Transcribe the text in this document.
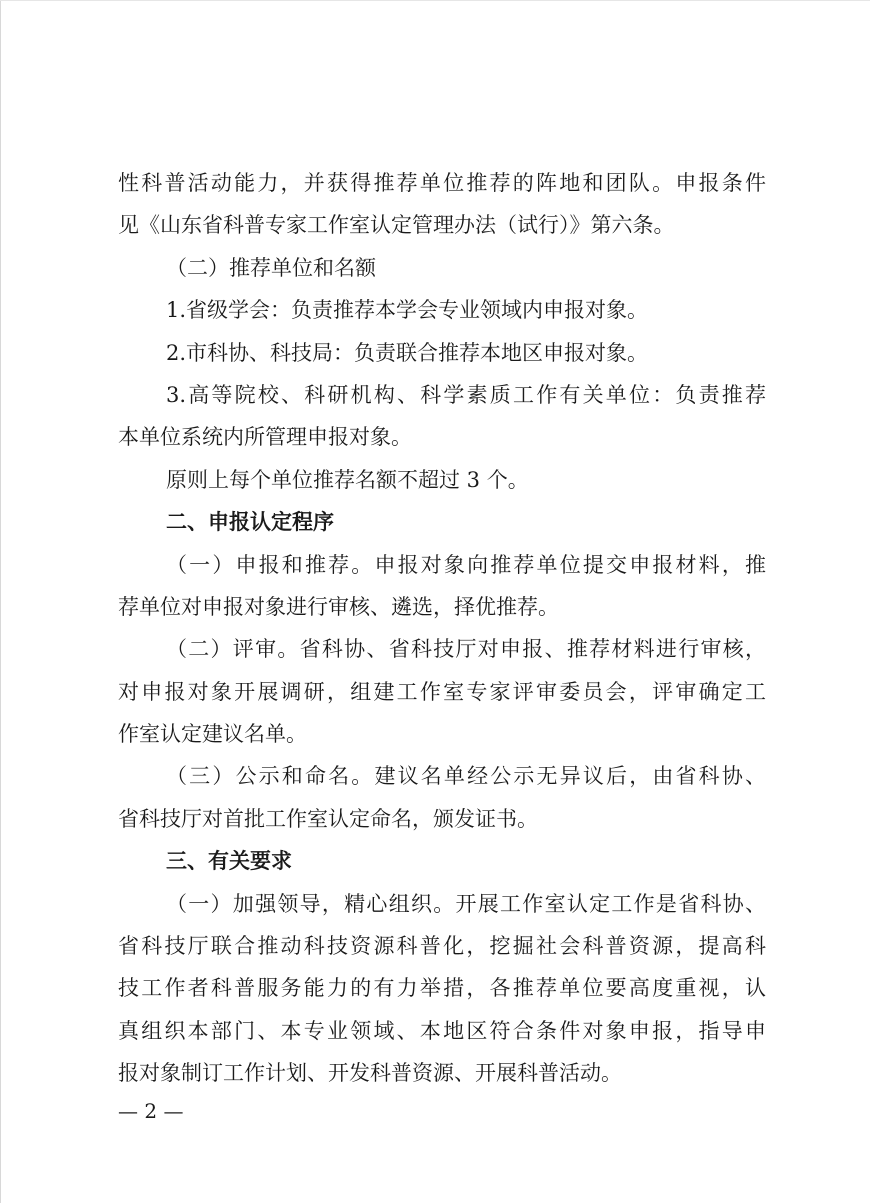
性科普活动能力，并获得推荐单位推荐的阵地和团队。申报条件
见《山东省科普专家工作室认定管理办法（试行）》第六条。
（二）推荐单位和名额
1.省级学会：负责推荐本学会专业领域内申报对象。
2.市科协、科技局：负责联合推荐本地区申报对象。
3.高等院校、科研机构、科学素质工作有关单位：负责推荐
本单位系统内所管理申报对象。
原则上每个单位推荐名额不超过 3 个。
二、申报认定程序
（一）申报和推荐。申报对象向推荐单位提交申报材料，推
荐单位对申报对象进行审核、遴选，择优推荐。
（二）评审。省科协、省科技厅对申报、推荐材料进行审核，
对申报对象开展调研，组建工作室专家评审委员会，评审确定工
作室认定建议名单。
（三）公示和命名。建议名单经公示无异议后，由省科协、
省科技厅对首批工作室认定命名，颁发证书。
三、有关要求
（一）加强领导，精心组织。开展工作室认定工作是省科协、
省科技厅联合推动科技资源科普化，挖掘社会科普资源，提高科
技工作者科普服务能力的有力举措，各推荐单位要高度重视，认
真组织本部门、本专业领域、本地区符合条件对象申报，指导申
报对象制订工作计划、开发科普资源、开展科普活动。
— 2 —
